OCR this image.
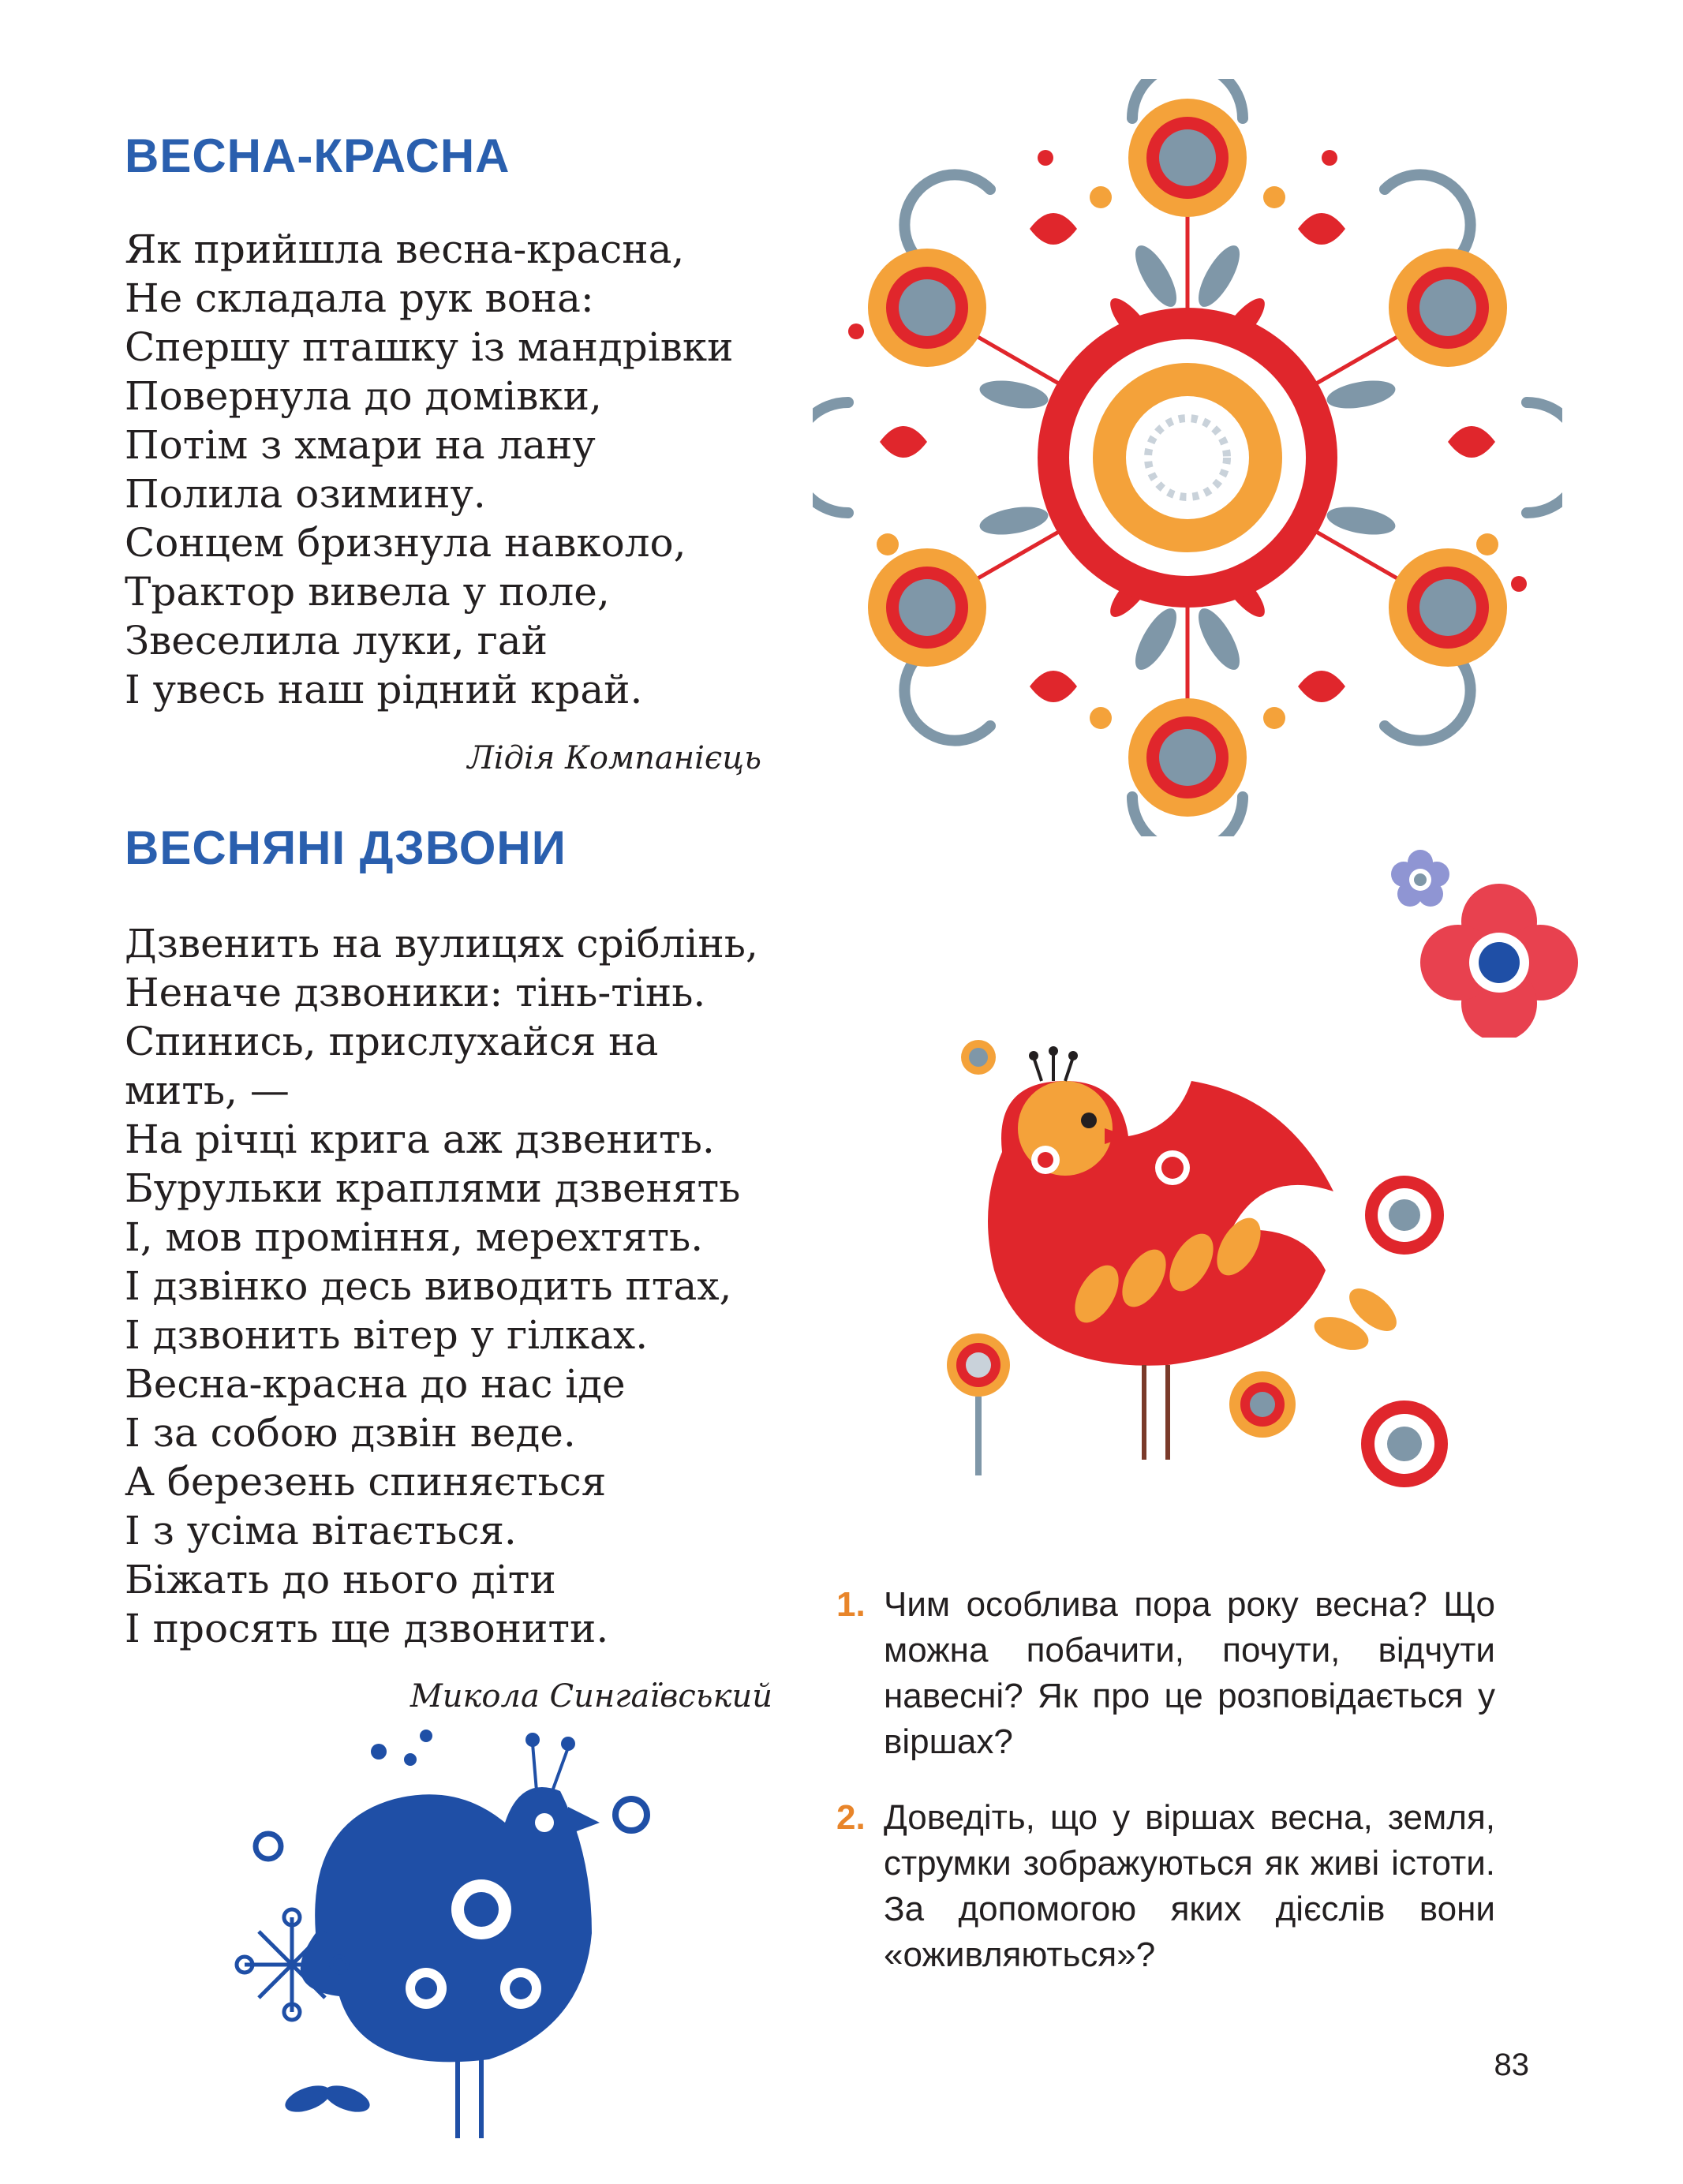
ВЕСНА-КРАСНА
Як прийшла весна-красна,
Не складала рук вона:
Спершу пташку із мандрівки
Повернула до домівки,
Потім з хмари на лану
Полила озимину.
Сонцем бризнула навколо,
Трактор вивела у поле,
Звеселила луки, гай
І увесь наш рідний край.
Лідія Компанієць
ВЕСНЯНІ ДЗВОНИ
Дзвенить на вулицях сріблінь,
Неначе дзвоники: тінь-тінь.
Спинись, прислухайся на
мить, —
На річці крига аж дзвенить.
Бурульки краплями дзвенять
І, мов проміння, мерехтять.
І дзвінко десь виводить птах,
І дзвонить вітер у гілках.
Весна-красна до нас іде
І за собою дзвін веде.
А березень спиняється
І з усіма вітається.
Біжать до нього діти
І просять ще дзвонити.
Микола Сингаївський
1. Чим особлива пора року весна? Що можна побачити, почути, відчути навесні? Як про це розповідається у віршах?

2. Доведіть, що у віршах весна, земля, струмки зображуються як живі істоти. За допомогою яких дієслів вони «оживляються»?

83
